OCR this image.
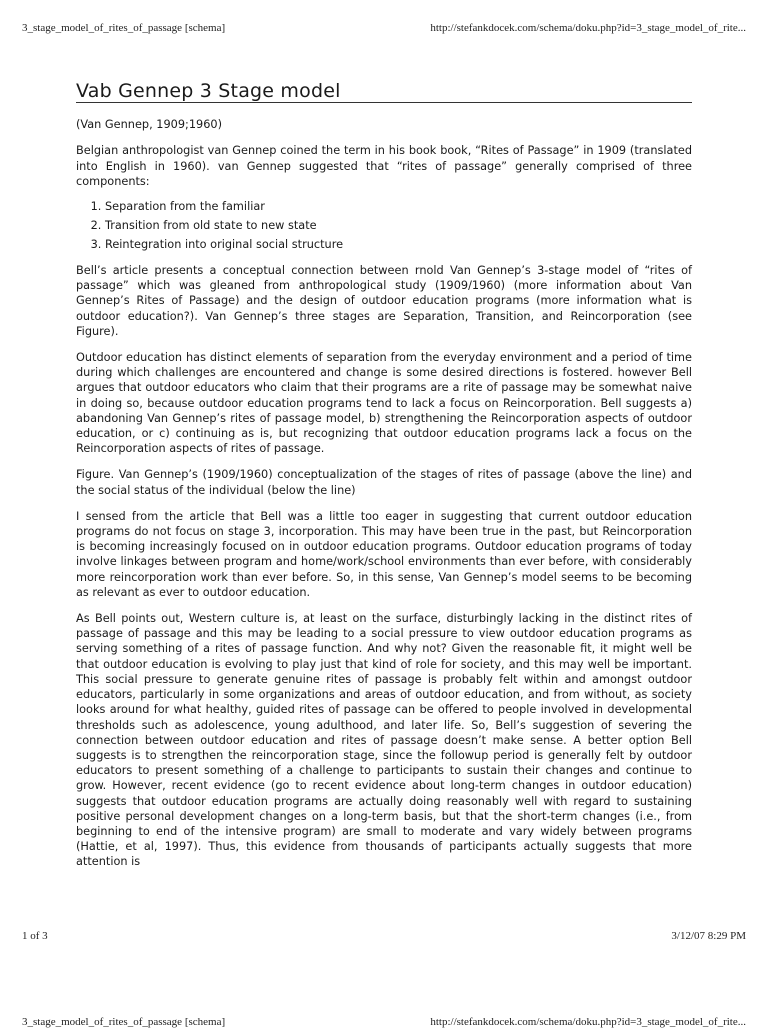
3_stage_model_of_rites_of_passage [schema]	http://stefankdocek.com/schema/doku.php?id=3_stage_model_of_rite...
Vab Gennep 3 Stage model

(Van Gennep, 1909;1960)

Belgian anthropologist van Gennep coined the term in his book book, “Rites of Passage” in 1909 (translated into English in 1960). van Gennep suggested that “rites of passage” generally comprised of three components:

1. Separation from the familiar
2. Transition from old state to new state
3. Reintegration into original social structure

Bell’s article presents a conceptual connection between rnold Van Gennep’s 3-stage model of “rites of passage” which was gleaned from anthropological study (1909/1960) (more information about Van Gennep’s Rites of Passage) and the design of outdoor education programs (more information what is outdoor education?). Van Gennep’s three stages are Separation, Transition, and Reincorporation (see Figure).

Outdoor education has distinct elements of separation from the everyday environment and a period of time during which challenges are encountered and change is some desired directions is fostered. however Bell argues that outdoor educators who claim that their programs are a rite of passage may be somewhat naive in doing so, because outdoor education programs tend to lack a focus on Reincorporation. Bell suggests a) abandoning Van Gennep’s rites of passage model, b) strengthening the Reincorporation aspects of outdoor education, or c) continuing as is, but recognizing that outdoor education programs lack a focus on the Reincorporation aspects of rites of passage.

Figure. Van Gennep’s (1909/1960) conceptualization of the stages of rites of passage (above the line) and the social status of the individual (below the line)

I sensed from the article that Bell was a little too eager in suggesting that current outdoor education programs do not focus on stage 3, incorporation. This may have been true in the past, but Reincorporation is becoming increasingly focused on in outdoor education programs. Outdoor education programs of today involve linkages between program and home/work/school environments than ever before, with considerably more reincorporation work than ever before. So, in this sense, Van Gennep’s model seems to be becoming as relevant as ever to outdoor education.

As Bell points out, Western culture is, at least on the surface, disturbingly lacking in the distinct rites of passage of passage and this may be leading to a social pressure to view outdoor education programs as serving something of a rites of passage function. And why not? Given the reasonable fit, it might well be that outdoor education is evolving to play just that kind of role for society, and this may well be important. This social pressure to generate genuine rites of passage is probably felt within and amongst outdoor educators, particularly in some organizations and areas of outdoor education, and from without, as society looks around for what healthy, guided rites of passage can be offered to people involved in developmental thresholds such as adolescence, young adulthood, and later life. So, Bell’s suggestion of severing the connection between outdoor education and rites of passage doesn’t make sense. A better option Bell suggests is to strengthen the reincorporation stage, since the followup period is generally felt by outdoor educators to present something of a challenge to participants to sustain their changes and continue to grow. However, recent evidence (go to recent evidence about long-term changes in outdoor education) suggests that outdoor education programs are actually doing reasonably well with regard to sustaining positive personal development changes on a long-term basis, but that the short-term changes (i.e., from beginning to end of the intensive program) are small to moderate and vary widely between programs (Hattie, et al, 1997). Thus, this evidence from thousands of participants actually suggests that more attention is

1 of 3	3/12/07 8:29 PM
3_stage_model_of_rites_of_passage [schema]	http://stefankdocek.com/schema/doku.php?id=3_stage_model_of_rite...
